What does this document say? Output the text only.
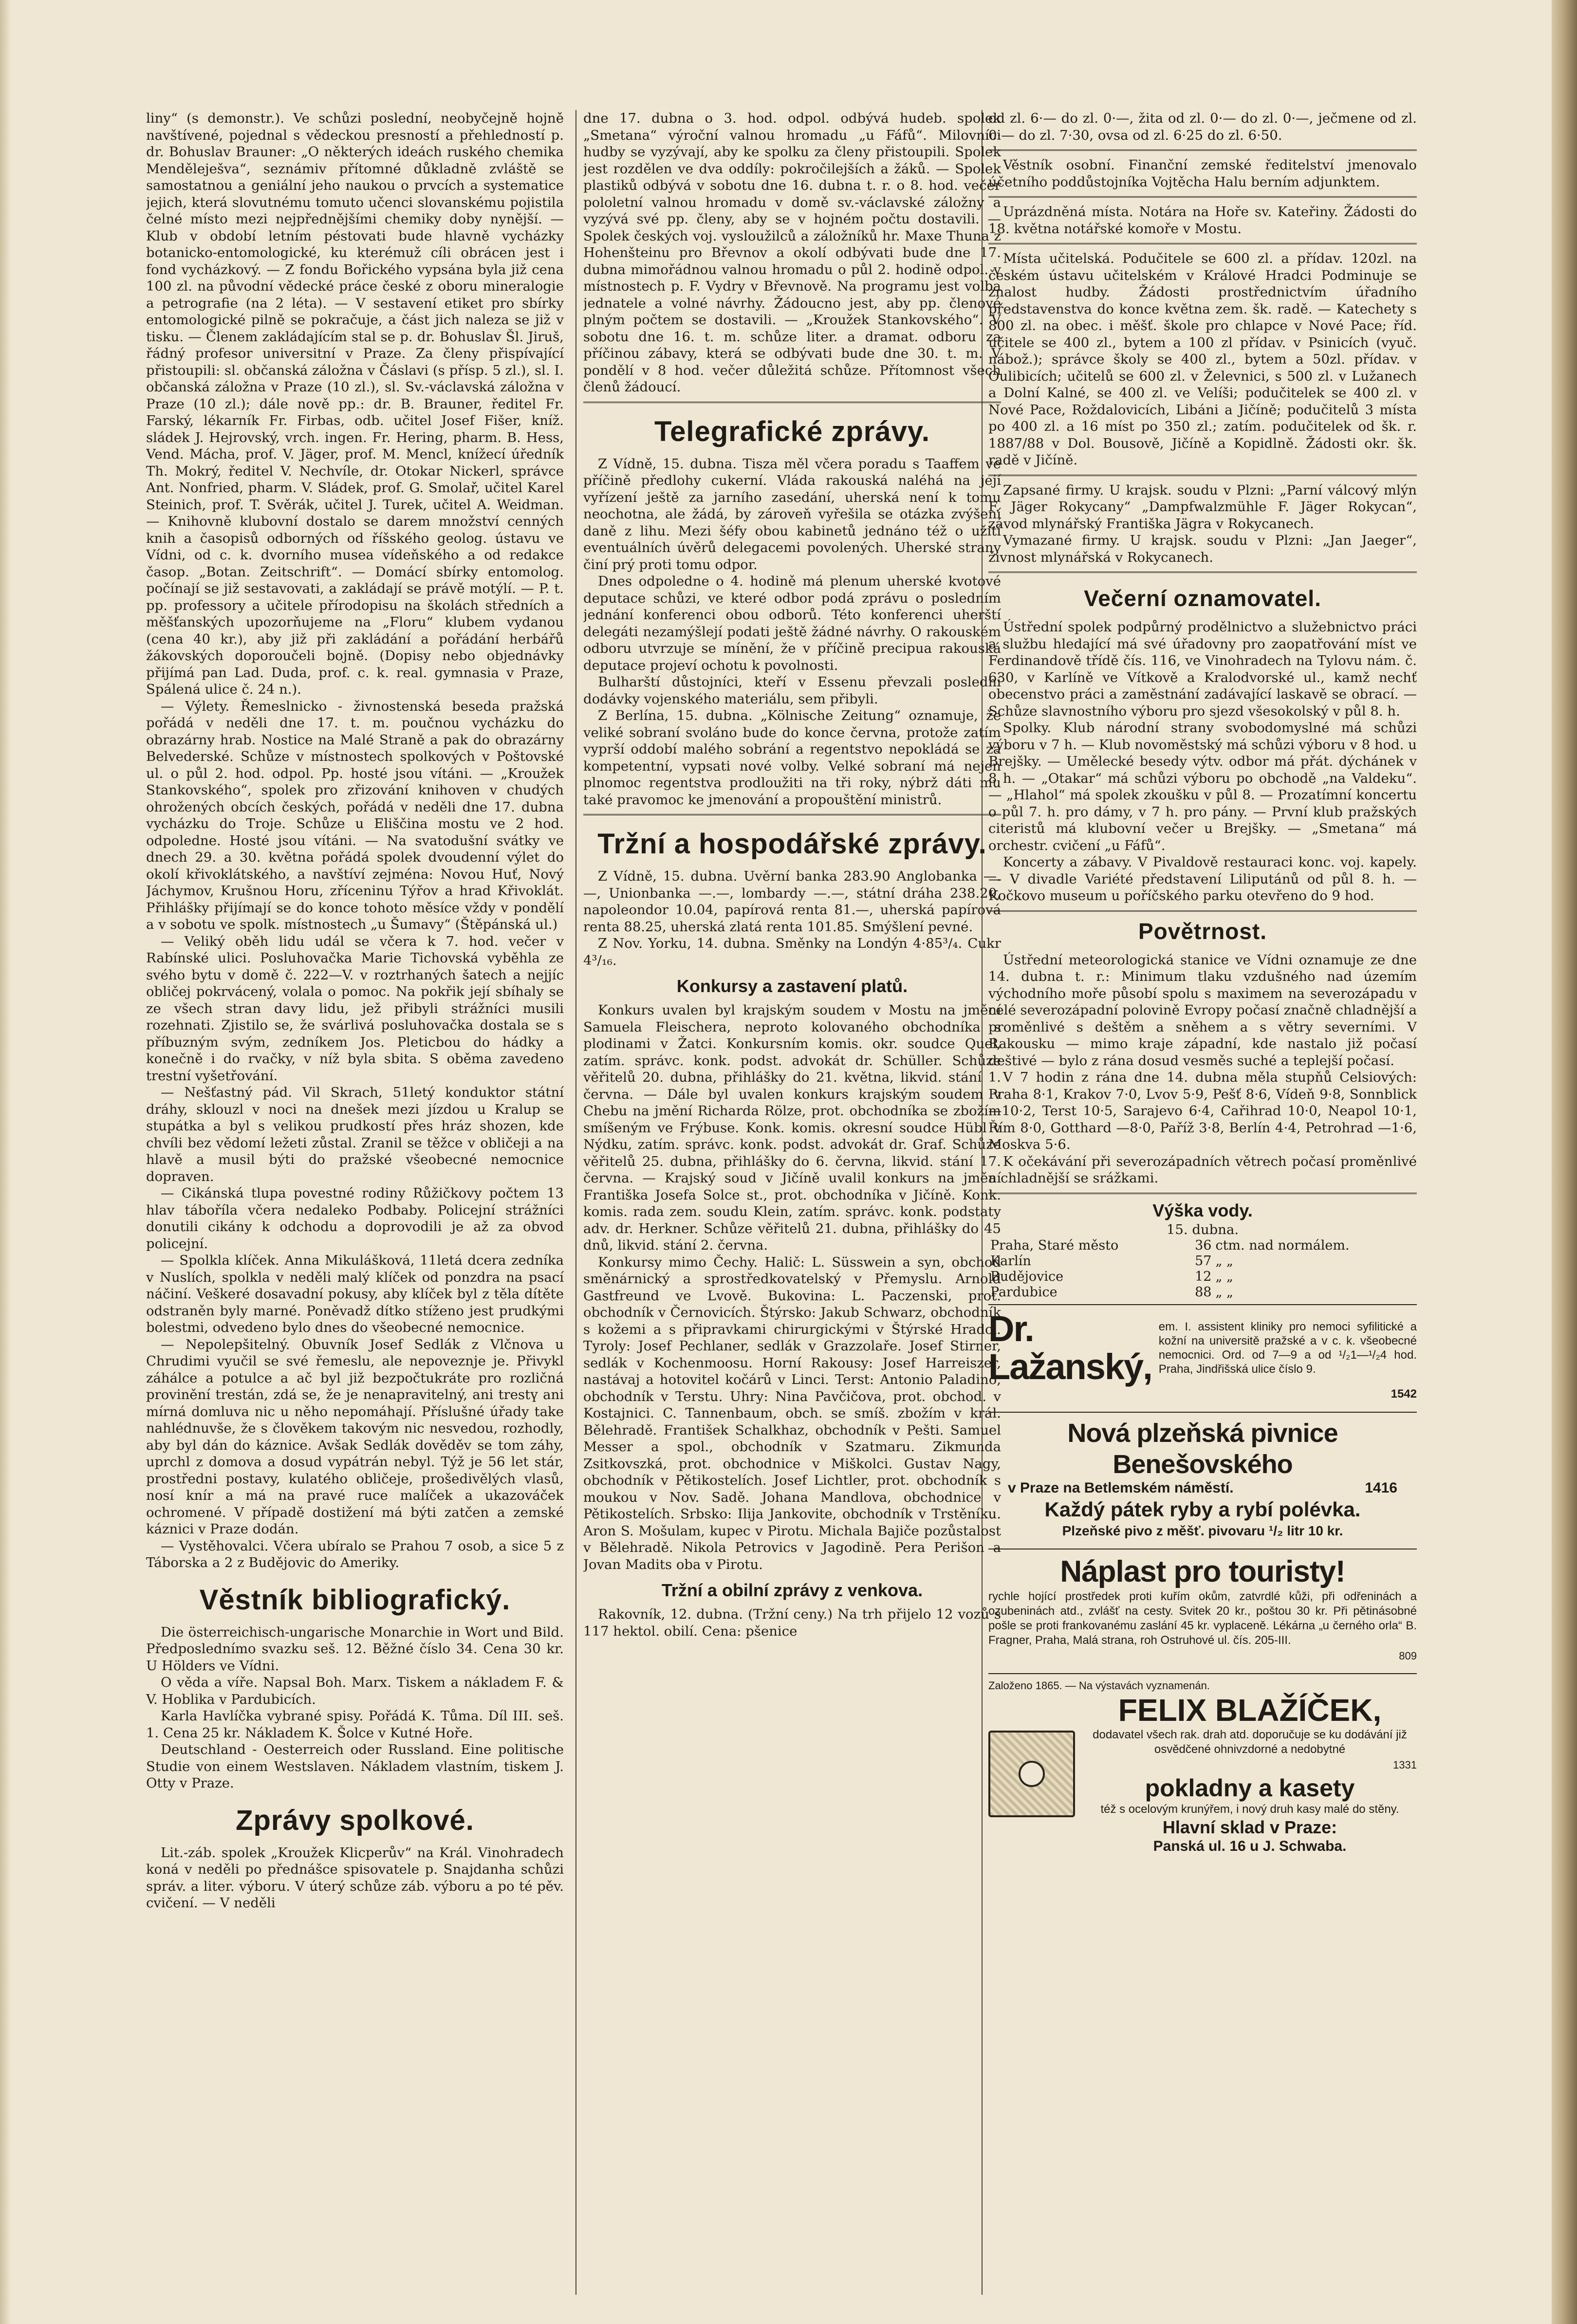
liny“ (s demonstr.). Ve schůzi poslední, neobyčejně hojně navštívené, pojednal s vědeckou presností a přehledností p. dr. Bohuslav Brauner: „O některých ideách ruského chemika Menděleješva“, seznámiv přítomné důkladně zvláště se samostatnou a geniální jeho naukou o prvcích a systematice jejich, která slovutnému tomuto učenci slovanskému pojistila čelné místo mezi nejpřednějšími chemiky doby nynější. — Klub v období letním péstovati bude hlavně vycházky botanicko-entomologické, ku kterémuž cíli obrácen jest i fond vycházkový. — Z fondu Bořického vypsána byla již cena 100 zl. na původní vědecké práce české z oboru mineralogie a petrografie (na 2 léta). — V sestavení etiket pro sbírky entomologické pilně se pokračuje, a část jich naleza se již v tisku. — Členem zakládajícím stal se p. dr. Bohuslav Šl. Jiruš, řádný profesor universitní v Praze. Za členy přispívající přistoupili: sl. občanská záložna v Čáslavi (s přísp. 5 zl.), sl. I. občanská záložna v Praze (10 zl.), sl. Sv.-václavská záložna v Praze (10 zl.); dále nově pp.: dr. B. Brauner, ředitel Fr. Farský, lékarník Fr. Firbas, odb. učitel Josef Fišer, kníž. sládek J. Hejrovský, vrch. ingen. Fr. Hering, pharm. B. Hess, Vend. Mácha, prof. V. Jäger, prof. M. Mencl, knížecí úředník Th. Mokrý, ředitel V. Nechvíle, dr. Otokar Nickerl, správce Ant. Nonfried, pharm. V. Sládek, prof. G. Smolař, učitel Karel Steinich, prof. T. Svěrák, učitel J. Turek, učitel A. Weidman. — Knihovně klubovní dostalo se darem množství cenných knih a časopisů odborných od říšského geolog. ústavu ve Vídni, od c. k. dvorního musea vídeňského a od redakce časop. „Botan. Zeitschrift“. — Domácí sbírky entomolog. počínají se již sestavovati, a zakládají se právě motýlí. — P. t. pp. professory a učitele přírodopisu na školách středních a měšťanských upozorňujeme na „Floru“ klubem vydanou (cena 40 kr.), aby již při zakládání a pořádání herbářů žákovských doporoučeli bojně. (Dopisy nebo objednávky přijímá pan Lad. Duda, prof. c. k. real. gymnasia v Praze, Spálená ulice č. 24 n.).

— Výlety. Řemeslnicko - živnostenská beseda pražská pořádá v neděli dne 17. t. m. poučnou vycházku do obrazárny hrab. Nostice na Malé Straně a pak do obrazárny Belvederské. Schůze v místnostech spolkových v Poštovské ul. o půl 2. hod. odpol. Pp. hosté jsou vítáni. — „Kroužek Stankovského“, spolek pro zřizování knihoven v chudých ohrožených obcích českých, pořádá v neděli dne 17. dubna vycházku do Troje. Schůze u Eliščina mostu ve 2 hod. odpoledne. Hosté jsou vítáni. — Na svatodušní svátky ve dnech 29. a 30. května pořádá spolek dvoudenní výlet do okolí křivoklátského, a navštíví zejména: Novou Huť, Nový Jáchymov, Krušnou Horu, zříceninu Týřov a hrad Křivoklát. Přihlášky přijímají se do konce tohoto měsíce vždy v pondělí a v sobotu ve spolk. místnostech „u Šumavy“ (Štěpánská ul.)

— Veliký oběh lidu udál se včera k 7. hod. večer v Rabínské ulici. Posluhovačka Marie Tichovská vyběhla ze svého bytu v domě č. 222—V. v roztrhaných šatech a nejjíc obličej pokrvácený, volala o pomoc. Na pokřik její sbíhaly se ze všech stran davy lidu, jež přibyli strážníci musili rozehnati. Zjistilo se, že svárlivá posluhovačka dostala se s příbuzným svým, zedníkem Jos. Pleticbou do hádky a konečně i do rvačky, v níž byla sbita. S oběma zavedeno trestní vyšetřování.

— Nešťastný pád. Vil Skrach, 51letý konduktor státní dráhy, sklouzl v noci na dnešek mezi jízdou u Kralup se stupátka a byl s velikou prudkostí přes hráz shozen, kde chvíli bez vědomí ležeti zůstal. Zranil se těžce v obličeji a na hlavě a musil býti do pražské všeobecné nemocnice dopraven.

— Cikánská tlupa povestné rodiny Růžičkovy počtem 13 hlav táboříla včera nedaleko Podbaby. Policejní strážníci donutili cikány k odchodu a doprovodili je až za obvod policejní.

— Spolkla klíček. Anna Mikulášková, 11letá dcera zedníka v Nuslích, spolkla v neděli malý klíček od ponzdra na psací náčiní. Veškeré dosavadní pokusy, aby klíček byl z těla dítěte odstraněn byly marné. Poněvadž dítko stíženo jest prudkými bolestmi, odvedeno bylo dnes do všeobecné nemocnice.

— Nepolepšitelný. Obuvník Josef Sedlák z Vlčnova u Chrudimi vyučil se své řemeslu, ale nepoveznje je. Přivykl záhálce a potulce a ač byl již bezpočtukráte pro rozličná provinění trestán, zdá se, že je nenapravitelný, ani trestү ani mírná domluva nic u něho nepomáhají. Příslušné úřady take nahlédnuvše, že s člověkem takovým nic nesvedou, rozhodly, aby byl dán do káznice. Avšak Sedlák dověděv se tom záhy, uprchl z domova a dosud vypátrán nebyl. Týž je 56 let stár, prostředni postavy, kulatého obličeje, prošedivělých vlasů, nosí knír a má na pravé ruce malíček a ukazováček ochromené. V případě dostižení má býti zatčen a zemské káznici v Praze dodán.

— Vystěhovalci. Včera ubíralo se Prahou 7 osob, a sice 5 z Táborska a 2 z Budějovic do Ameriky.

Věstník bibliografický.

Die österreichisch-ungarische Monarchie in Wort und Bild. Předposlednímo svazku seš. 12. Běžné číslo 34. Cena 30 kr. U Hölders ve Vídni.

O věda a víře. Napsal Boh. Marx. Tiskem a nákladem F. & V. Hoblika v Pardubicích.

Karla Havlíčka vybrané spisy. Pořádá K. Tůma. Díl III. seš. 1. Cena 25 kr. Nákladem K. Šolce v Kutné Hoře.

Deutschland - Oesterreich oder Russland. Eine politische Studie von einem Westslaven. Nákladem vlastním, tiskem J. Otty v Praze.

Zprávy spolkové.

Lit.-záb. spolek „Kroužek Klicperův“ na Král. Vinohradech koná v neděli po přednášce spisovatele p. Snajdanha schůzi správ. a liter. výboru. V úterý schůze záb. výboru a po té pěv. cvičení. — V neděli

dne 17. dubna o 3. hod. odpol. odbývá hudeb. spolek „Smetana“ výroční valnou hromadu „u Fáfů“. Milovníci hudby se vyzývají, aby ke spolku za členy přistoupili. Spolek jest rozdělen ve dva oddíly: pokročilejších a žáků. — Spolek plastiků odbývá v sobotu dne 16. dubna t. r. o 8. hod. večer pololetní valnou hromadu v domě sv.-václavské záložny a vyzývá své pp. členy, aby se v hojném počtu dostavili. — Spolek českých voj. vysloužilců a záložníků hr. Maxe Thuna z Hohenšteinu pro Břevnov a okolí odbývati bude dne 17. dubna mimořádnou valnou hromadu o půl 2. hodině odpol. v místnostech p. F. Vydry v Břevnově. Na programu jest volba jednatele a volné návrhy. Žádoucno jest, aby pp. členové plným počtem se dostavili. — „Kroužek Stankovského“. V sobotu dne 16. t. m. schůze liter. a dramat. odboru za příčinou zábavy, která se odbývati bude dne 30. t. m. V pondělí v 8 hod. večer důležitá schůze. Přítomnost všech členů žádoucí.

Telegrafické zprávy.

Z Vídně, 15. dubna. Tisza měl včera poradu s Taaffem ve příčině předlohy cukerní. Vláda rakouská naléhá na její vyřízení ještě za jarního zasedání, uherská není k tomu neochotna, ale žádá, by zároveň vyřešila se otázka zvýšení daně z lihu. Mezi šéfy obou kabinetů jednáno též o užití eventuálních úvěrů delegacemi povolených. Uherské strany činí prý proti tomu odpor.

Dnes odpoledne o 4. hodině má plenum uherské kvotové deputace schůzi, ve které odbor podá zprávu o posledním jednání konferenci obou odborů. Této konferenci uherští delegáti nezamýšlejí podati ještě žádné návrhy. O rakouském odboru utvrzuje se mínění, že v příčině precipua rakouská deputace projeví ochotu k povolnosti.

Bulharští důstojníci, kteří v Essenu převzali poslední dodávky vojenského materiálu, sem přibyli.

Z Berlína, 15. dubna. „Kölnische Zeitung“ oznamuje, že veliké sobraní svoláno bude do konce června, protože zatím vyprší oddobí malého sobrání a regentstvo nepokládá se za kompetentní, vypsati nové volby. Velké sobraní má nejen plnomoc regentstva prodloužiti na tři roky, nýbrž dáti mu také pravomoc ke jmenování a propouštění ministrů.

Tržní a hospodářské zprávy.

Z Vídně, 15. dubna. Uvěrní banka 283.90 Anglobanka —.—, Unionbanka —.—, lombardy —.—, státní dráha 238.20, napoleondor 10.04, papírová renta 81.—, uherská papírová renta 88.25, uherská zlatá renta 101.85. Smýšlení pevné.

Z Nov. Yorku, 14. dubna. Směnky na Londýn 4·85³/₄. Cukr 4³/₁₆.

Konkursy a zastavení platů.

Konkurs uvalen byl krajským soudem v Mostu na jmění Samuela Fleischera, neproto kolovaného obchodníka s plodinami v Žatci. Konkursním komis. okr. soudce Quel, zatím. správc. konk. podst. advokát dr. Schüller. Schůze věřitelů 20. dubna, přihlášky do 21. května, likvid. stání 1. června. — Dále byl uvalen konkurs krajským soudem v Chebu na jmění Richarda Rölze, prot. obchodníka se zbožím smíšeným ve Frýbuse. Konk. komis. okresní soudce Hübl v Nýdku, zatím. správc. konk. podst. advokát dr. Graf. Schůze věřitelů 25. dubna, přihlášky do 6. června, likvid. stání 17. června. — Krajský soud v Jičíně uvalil konkurs na jmění Františka Josefa Solce st., prot. obchodníka v Jičíně. Konk. komis. rada zem. soudu Klein, zatím. správc. konk. podstaty adv. dr. Herkner. Schůze věřitelů 21. dubna, přihlášky do 45 dnů, likvid. stání 2. června.

Konkursy mimo Čechy. Halič: L. Süsswein a syn, obchod směnárnický a sprostředkovatelský v Přemyslu. Arnold Gastfreund ve Lvově. Bukovina: L. Paczenski, prot. obchodník v Černovicích. Štýrsko: Jakub Schwarz, obchodník s kožemi a s připravkami chirurgickými v Štýrské Hradci. Tyroly: Josef Pechlaner, sedlák v Grazzolaře. Josef Stirner, sedlák v Kochenmoosu. Horní Rakousy: Josef Harreiszer, nastávaj a hotovitel kočárů v Linci. Terst: Antonio Paladino, obchodník v Terstu. Uhry: Nina Pavčičova, prot. obchod. v Kostajnici. C. Tannenbaum, obch. se smíš. zbožím v král. Bělehradě. František Schalkhaz, obchodník v Pešti. Samuel Messer a spol., obchodník v Szatmaru. Zikmunda Zsitkovszká, prot. obchodnice v Miškolci. Gustav Nagy, obchodník v Pětikostelích. Josef Lichtler, prot. obchodník s moukou v Nov. Sadě. Johana Mandlova, obchodnice v Pětikostelích. Srbsko: Ilija Jankovite, obchodník v Trstěníku. Aron S. Mošulam, kupec v Pirotu. Michala Bajiče pozůstalost v Bělehradě. Nikola Petrovics v Jagodině. Pera Perišon a Jovan Madits oba v Pirotu.

Tržní a obilní zprávy z venkova.

Rakovník, 12. dubna. (Tržní ceny.) Na trh přijelo 12 vozů s 117 hektol. obilí. Cena: pšenice

od zl. 6·— do zl. 0·—, žita od zl. 0·— do zl. 0·—, ječmene od zl. 0·— do zl. 7·30, ovsa od zl. 6·25 do zl. 6·50.

Věstník osobní. Finanční zemské ředitelství jmenovalo účetního poddůstojníka Vojtěcha Halu berním adjunktem.

Uprázdněná místa. Notára na Hoře sv. Kateřiny. Žádosti do 18. května notářské komoře v Mostu.

Místa učitelská. Podučitele se 600 zl. a přídav. 120zl. na českém ústavu učitelském v Králové Hradci Podminuje se znalost hudby. Žádosti prostřednictvím úřadního představenstva do konce května zem. šk. radě. — Katechety s 800 zl. na obec. i měšť. škole pro chlapce v Nové Pace; říd. učitele se 400 zl., bytem a 100 zl přídav. v Psinicích (vyuč. nábož.); správce školy se 400 zl., bytem a 50zl. přídav. v Oulibicích; učitelů se 600 zl. v Želevnici, s 500 zl. v Lužanech a Dolní Kalné, se 400 zl. ve Velíši; podučitelek se 400 zl. v Nové Pace, Roždalovicích, Libáni a Jičíně; podučitelů 3 místa po 400 zl. a 16 míst po 350 zl.; zatím. podučitelek od šk. r. 1887/88 v Dol. Bousově, Jičíně a Kopidlně. Žádosti okr. šk. radě v Jičíně.

Zapsané firmy. U krajsk. soudu v Plzni: „Parní válcový mlýn F. Jäger Rokycany“ „Dampfwalzmühle F. Jäger Rokycan“, závod mlynářský Františka Jägra v Rokycanech.

Vymazané firmy. U krajsk. soudu v Plzni: „Jan Jaeger“, živnost mlynářská v Rokycanech.

Večerní oznamovatel.

Ústřední spolek podpůrný prodělnictvo a služebnictvo práci a službu hledající má své úřadovny pro zaopatřování míst ve Ferdinandově třídě čís. 116, ve Vinohradech na Tylovu nám. č. 630, v Karlíně ve Vítkově a Kralodvorské ul., kamž nechť obecenstvo práci a zaměstnání zadávající laskavě se obrací. — Schůze slavnostního výboru pro sjezd všesokolský v půl 8. h.

Spolky. Klub národní strany svobodomyslné má schůzi výboru v 7 h. — Klub novoměstský má schůzi výboru v 8 hod. u Brejšky. — Umělecké besedy výtv. odbor má přát. dýchánek v 8 h. — „Otakar“ má schůzi výboru po obchodě „na Valdeku“. — „Hlahol“ má spolek zkoušku v půl 8. — Prozatímní koncertu o půl 7. h. pro dámy, v 7 h. pro pány. — První klub pražských citeristů má klubovní večer u Brejšky. — „Smetana“ má orchestr. cvičení „u Fáfů“.

Koncerty a zábavy. V Pivaldově restauraci konc. voj. kapely. — V divadle Variété představení Liliputánů od půl 8. h. — Kočkovo museum u poříčského parku otevřeno do 9 hod.

Povětrnost.

Ústřední meteorologická stanice ve Vídni oznamuje ze dne 14. dubna t. r.: Minimum tlaku vzdušného nad územím východního moře působí spolu s maximem na severozápadu v celé severozápadní polovině Evropy počasí značně chladnější a proměnlivé s deštěm a sněhem a s větry severními. V Rakousku — mimo kraje západní, kde nastalo již počasí deštivé — bylo z rána dosud vesměs suché a teplejší počasí.

V 7 hodin z rána dne 14. dubna měla stupňů Celsiových: Praha 8·1, Krakov 7·0, Lvov 5·9, Pešť 8·6, Vídeň 9·8, Sonnblick —10·2, Terst 10·5, Sarajevo 6·4, Cařihrad 10·0, Neapol 10·1, Řím 8·0, Gotthard —8·0, Paříž 3·8, Berlín 4·4, Petrohrad —1·6, Moskva 5·6.

K očekávání při severozápadních větrech počasí proměnlivé a chladnější se srážkami.

Výška vody.
15. dubna.
Praha, Staré město	36	ctm. nad normálem.
Karlín	57	„ „
Budějovice	12	„ „
Pardubice	88	„ „
Dr. Lažanský,
em. I. assistent kliniky pro nemoci syfilitické a kožní na universitě pražské a v c. k. všeobecné nemocnici. Ord. od 7—9 a od ¹/₂1—¹/₂4 hod. Praha, Jindřišská ulice číslo 9.
1542
Nová plzeňská pivnice Benešovského
v Praze na Betlemském náměstí.	1416
Každý pátek ryby a rybí polévka.
Plzeňské pivo z měšť. pivovaru ¹/₂ litr 10 kr.
Náplast pro touristy!
rychle hojící prostředek proti kuřím okům, zatvrdlé kůži, při odřeninách a ozubeninách atd., zvlášť na cesty. Svitek 20 kr., poštou 30 kr. Při pětinásobné pošle se proti frankovanému zaslání 45 kr. vyplaceně. Lékárna „u černého orla“ B. Fragner, Praha, Malá strana, roh Ostruhové ul. čís. 205-III.
809
Založeno 1865. — Na výstavách vyznamenán.
FELIX BLAŽÍČEK,
dodavatel všech rak. drah atd. doporučuje se ku dodávání již osvědčené ohnivzdorné a nedobytné
1331
pokladny a kasety
též s ocelovým krunýřem, i nový druh kasy malé do stěny.
Hlavní sklad v Praze:
Panská ul. 16 u J. Schwaba.
